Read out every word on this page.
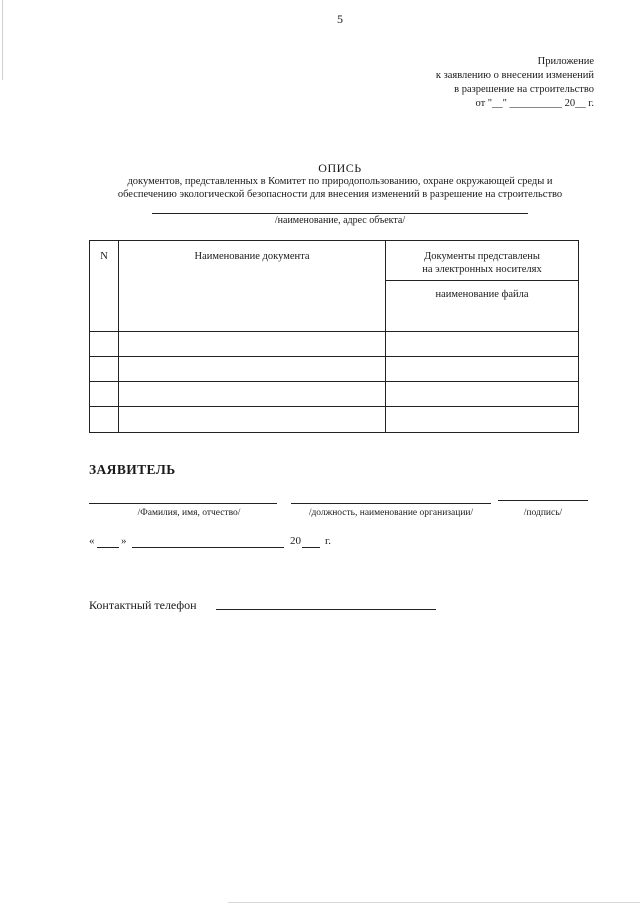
5
Приложение
к заявлению о внесении изменений
в разрешение на строительство
от "__" __________ 20__ г.
ОПИСЬ
документов, представленных в Комитет по природопользованию, охране окружающей среды и
обеспечению экологической безопасности для внесения изменений в разрешение на строительство
/наименование, адрес объекта/
N	Наименование документа	Документы представлены
на электронных носителях

		наименование файла

ЗАЯВИТЕЛЬ
/Фамилия, имя, отчество/	/должность, наименование организации/	/подпись/
« »	20 г.
Контактный телефон
